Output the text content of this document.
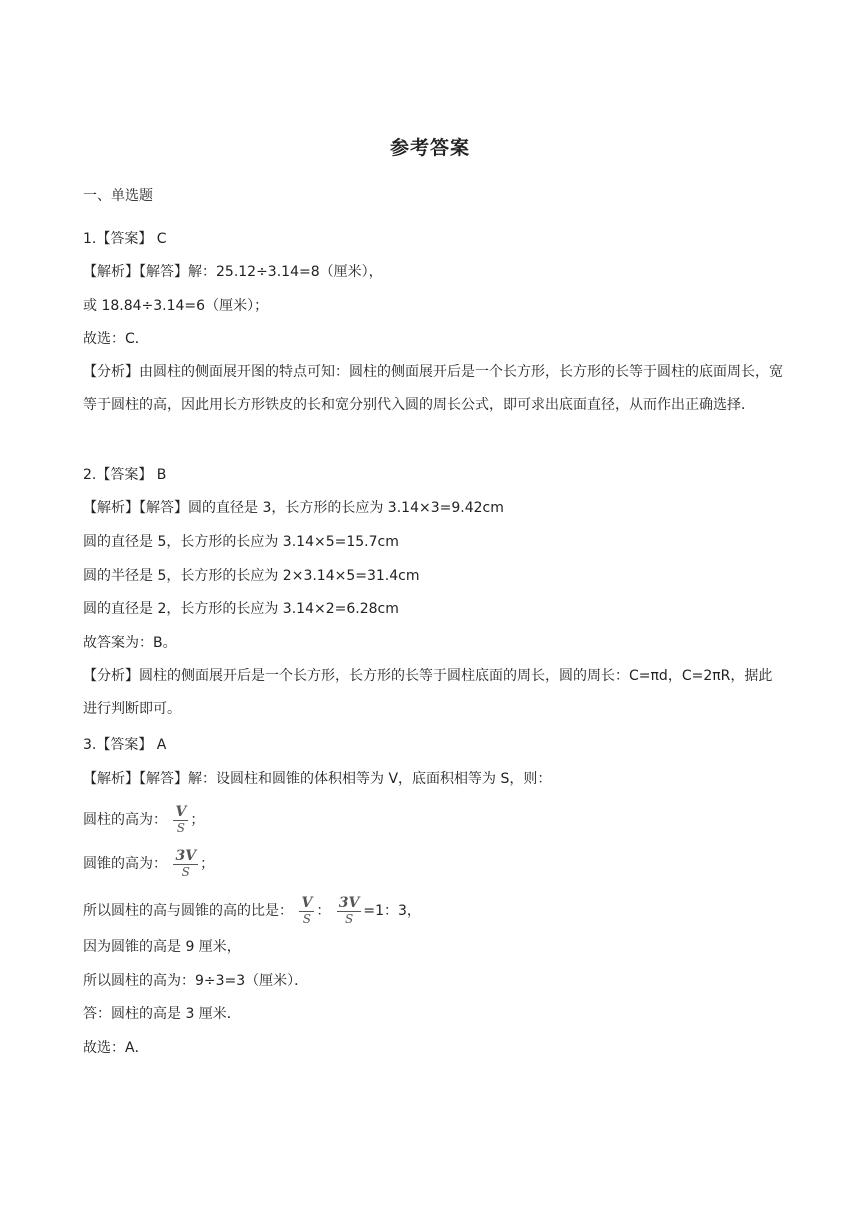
参考答案
一、单选题
1.【答案】 C
【解析】【解答】解：25.12÷3.14=8（厘米），
或 18.84÷3.14=6（厘米）；
故选：C．
【分析】由圆柱的侧面展开图的特点可知：圆柱的侧面展开后是一个长方形，长方形的长等于圆柱的底面周长，宽等于圆柱的高，因此用长方形铁皮的长和宽分别代入圆的周长公式，即可求出底面直径，从而作出正确选择．
2.【答案】 B
【解析】【解答】圆的直径是 3，长方形的长应为 3.14×3=9.42cm
圆的直径是 5，长方形的长应为 3.14×5=15.7cm
圆的半径是 5，长方形的长应为 2×3.14×5=31.4cm
圆的直径是 2，长方形的长应为 3.14×2=6.28cm
故答案为：B。
【分析】圆柱的侧面展开后是一个长方形，长方形的长等于圆柱底面的周长，圆的周长：C=πd，C=2πR，据此进行判断即可。
3.【答案】 A
【解析】【解答】解：设圆柱和圆锥的体积相等为 V，底面积相等为 S，则：
圆柱的高为： $\frac{V}{S}$ ；
圆锥的高为： $\frac{3V}{S}$ ；
所以圆柱的高与圆锥的高的比是： $\frac{V}{S}$ ： $\frac{3V}{S} =1$：3，
因为圆锥的高是 9 厘米，
所以圆柱的高为：9÷3=3（厘米）．
答：圆柱的高是 3 厘米．
故选：A．
